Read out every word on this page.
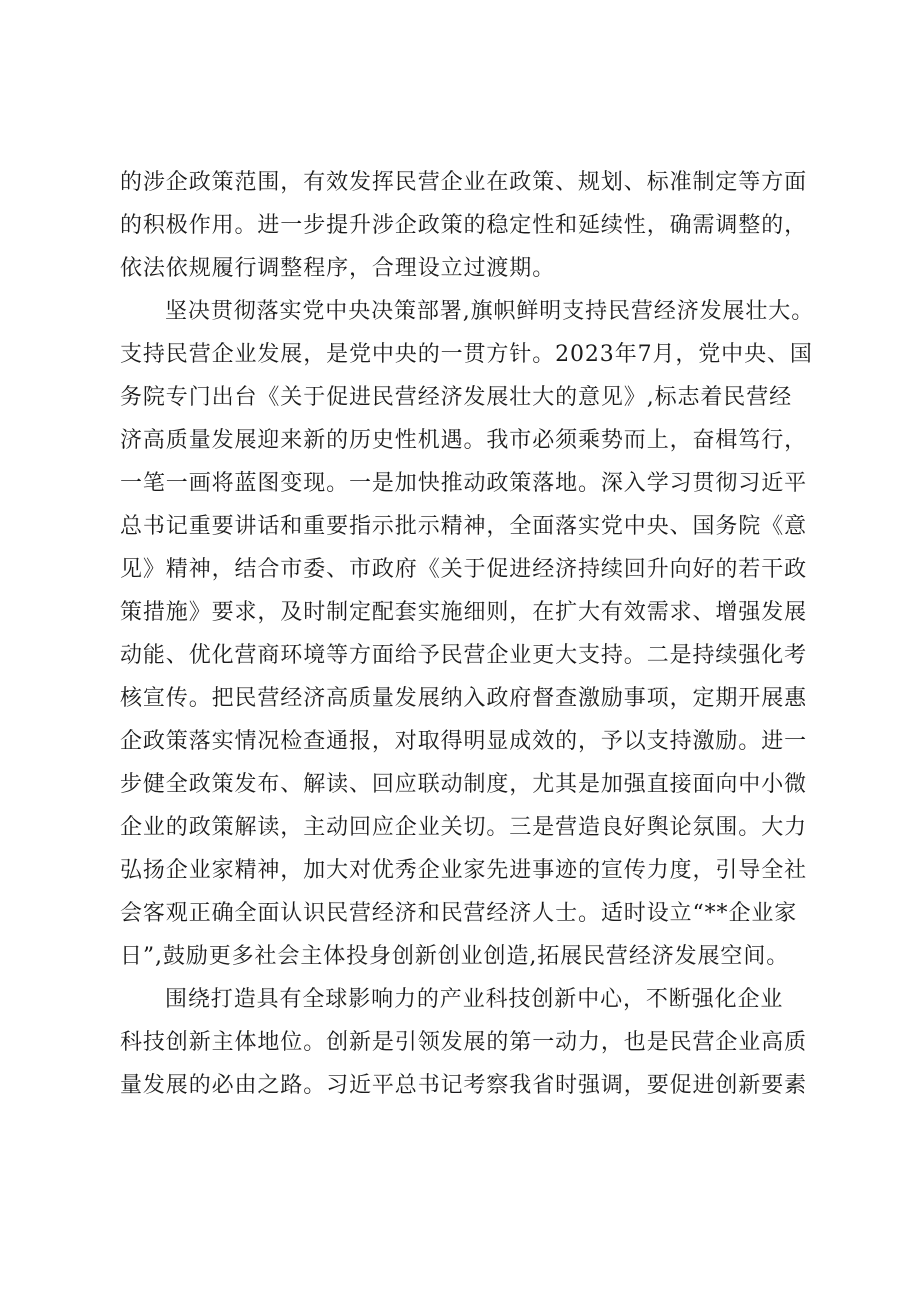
的涉企政策范围，有效发挥民营企业在政策、规划、标准制定等方面
的积极作用。进一步提升涉企政策的稳定性和延续性，确需调整的，
依法依规履行调整程序，合理设立过渡期。
坚决贯彻落实党中央决策部署,旗帜鲜明支持民营经济发展壮大。
支持民营企业发展，是党中央的一贯方针。2023年7月，党中央、国
务院专门出台《关于促进民营经济发展壮大的意见》,标志着民营经
济高质量发展迎来新的历史性机遇。我市必须乘势而上，奋楫笃行，
一笔一画将蓝图变现。一是加快推动政策落地。深入学习贯彻习近平
总书记重要讲话和重要指示批示精神，全面落实党中央、国务院《意
见》精神，结合市委、市政府《关于促进经济持续回升向好的若干政
策措施》要求，及时制定配套实施细则，在扩大有效需求、增强发展
动能、优化营商环境等方面给予民营企业更大支持。二是持续强化考
核宣传。把民营经济高质量发展纳入政府督查激励事项，定期开展惠
企政策落实情况检查通报，对取得明显成效的，予以支持激励。进一
步健全政策发布、解读、回应联动制度，尤其是加强直接面向中小微
企业的政策解读，主动回应企业关切。三是营造良好舆论氛围。大力
弘扬企业家精神，加大对优秀企业家先进事迹的宣传力度，引导全社
会客观正确全面认识民营经济和民营经济人士。适时设立“**企业家
日”,鼓励更多社会主体投身创新创业创造,拓展民营经济发展空间。
围绕打造具有全球影响力的产业科技创新中心，不断强化企业
科技创新主体地位。创新是引领发展的第一动力，也是民营企业高质
量发展的必由之路。习近平总书记考察我省时强调，要促进创新要素
